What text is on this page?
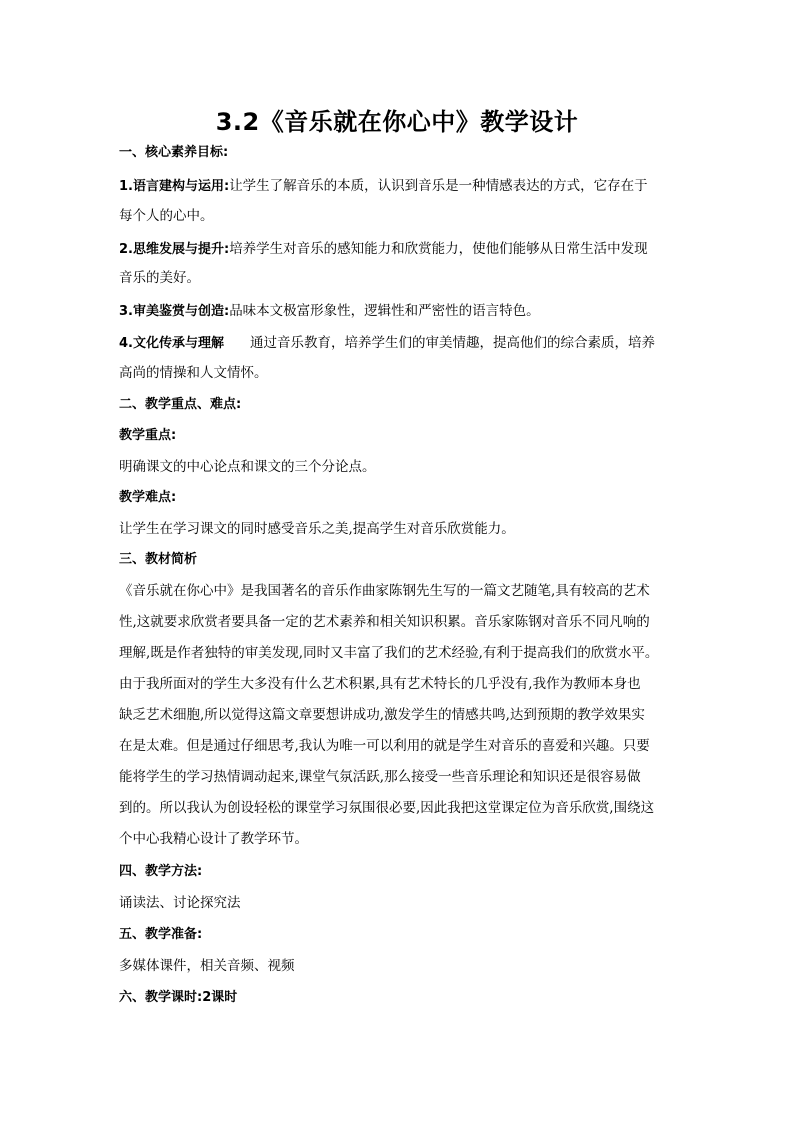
3.2《音乐就在你心中》教学设计
一、核心素养目标:
1.语言建构与运用:让学生了解音乐的本质，认识到音乐是一种情感表达的方式，它存在于
每个人的心中。
2.思维发展与提升:培养学生对音乐的感知能力和欣赏能力，使他们能够从日常生活中发现
音乐的美好。
3.审美鉴赏与创造:品味本文极富形象性，逻辑性和严密性的语言特色。
4.文化传承与理解 通过音乐教育，培养学生们的审美情趣，提高他们的综合素质，培养
高尚的情操和人文情怀。
二、教学重点、难点:
教学重点:
明确课文的中心论点和课文的三个分论点。
教学难点:
让学生在学习课文的同时感受音乐之美,提高学生对音乐欣赏能力。
三、教材简析
《音乐就在你心中》是我国著名的音乐作曲家陈钢先生写的一篇文艺随笔,具有较高的艺术
性,这就要求欣赏者要具备一定的艺术素养和相关知识积累。音乐家陈钢对音乐不同凡响的
理解,既是作者独特的审美发现,同时又丰富了我们的艺术经验,有利于提高我们的欣赏水平。
由于我所面对的学生大多没有什么艺术积累,具有艺术特长的几乎没有,我作为教师本身也
缺乏艺术细胞,所以觉得这篇文章要想讲成功,激发学生的情感共鸣,达到预期的教学效果实
在是太难。但是通过仔细思考,我认为唯一可以利用的就是学生对音乐的喜爱和兴趣。只要
能将学生的学习热情调动起来,课堂气氛活跃,那么接受一些音乐理论和知识还是很容易做
到的。所以我认为创设轻松的课堂学习氛围很必要,因此我把这堂课定位为音乐欣赏,围绕这
个中心我精心设计了教学环节。
四、教学方法:
诵读法、讨论探究法
五、教学准备:
多媒体课件，相关音频、视频
六、教学课时:2课时
